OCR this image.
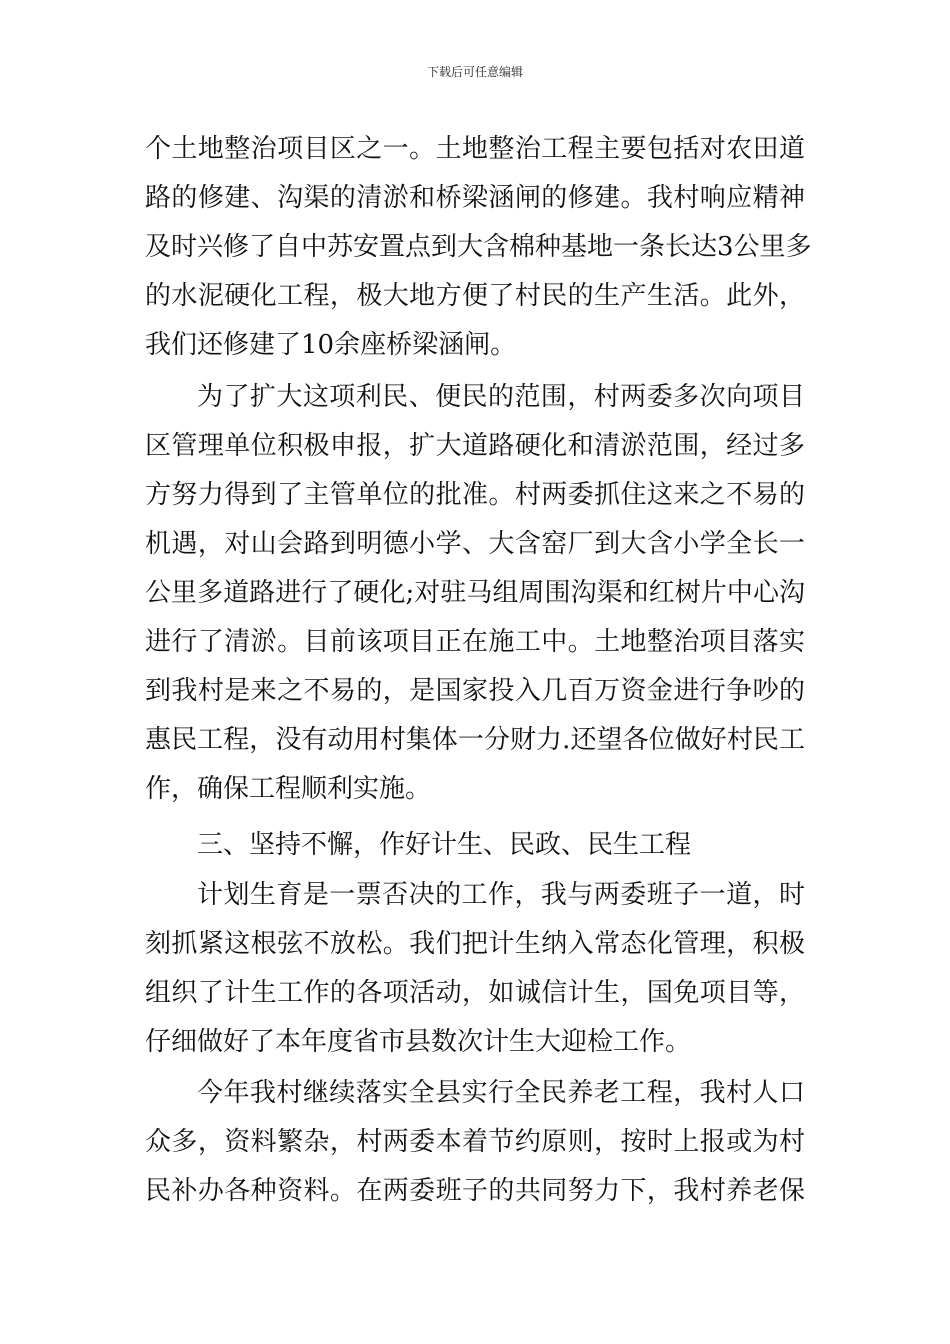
下载后可任意编辑
个土地整治项目区之一。土地整治工程主要包括对农田道
路的修建、沟渠的清淤和桥梁涵闸的修建。我村响应精神
及时兴修了自中苏安置点到大含棉种基地一条长达3公里多
的水泥硬化工程，极大地方便了村民的生产生活。此外，
我们还修建了10余座桥梁涵闸。
为了扩大这项利民、便民的范围，村两委多次向项目
区管理单位积极申报，扩大道路硬化和清淤范围，经过多
方努力得到了主管单位的批准。村两委抓住这来之不易的
机遇，对山会路到明德小学、大含窑厂到大含小学全长一
公里多道路进行了硬化;对驻马组周围沟渠和红树片中心沟
进行了清淤。目前该项目正在施工中。土地整治项目落实
到我村是来之不易的，是国家投入几百万资金进行争吵的
惠民工程，没有动用村集体一分财力.还望各位做好村民工
作，确保工程顺利实施。
三、坚持不懈，作好计生、民政、民生工程
计划生育是一票否决的工作，我与两委班子一道，时
刻抓紧这根弦不放松。我们把计生纳入常态化管理，积极
组织了计生工作的各项活动，如诚信计生，国免项目等，
仔细做好了本年度省市县数次计生大迎检工作。
今年我村继续落实全县实行全民养老工程，我村人口
众多，资料繁杂，村两委本着节约原则，按时上报或为村
民补办各种资料。在两委班子的共同努力下，我村养老保
